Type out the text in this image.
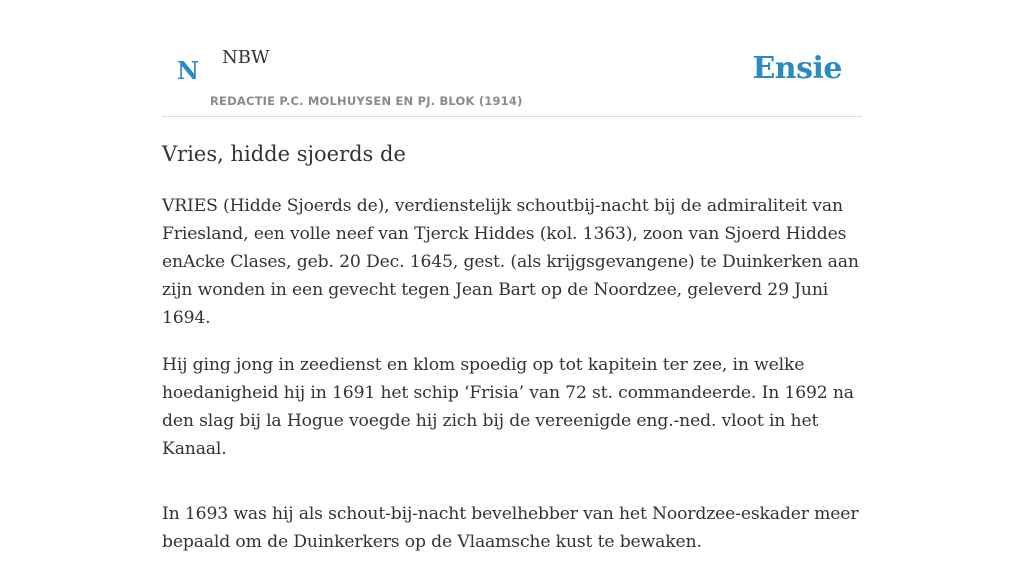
N NBW
REDACTIE P.C. MOLHUYSEN EN PJ. BLOK (1914)
Ensie
Vries, hidde sjoerds de

VRIES (Hidde Sjoerds de), verdienstelijk schoutbij-nacht bij de admiraliteit van Friesland, een volle neef van Tjerck Hiddes (kol. 1363), zoon van Sjoerd Hiddes enAcke Clases, geb. 20 Dec. 1645, gest. (als krijgsgevangene) te Duinkerken aan zijn wonden in een gevecht tegen Jean Bart op de Noordzee, geleverd 29 Juni 1694.

Hij ging jong in zeedienst en klom spoedig op tot kapitein ter zee, in welke hoedanigheid hij in 1691 het schip ‘Frisia’ van 72 st. commandeerde. In 1692 na den slag bij la Hogue voegde hij zich bij de vereenigde eng.-ned. vloot in het Kanaal.

In 1693 was hij als schout-bij-nacht bevelhebber van het Noordzee-eskader meer bepaald om de Duinkerkers op de Vlaamsche kust te bewaken.
